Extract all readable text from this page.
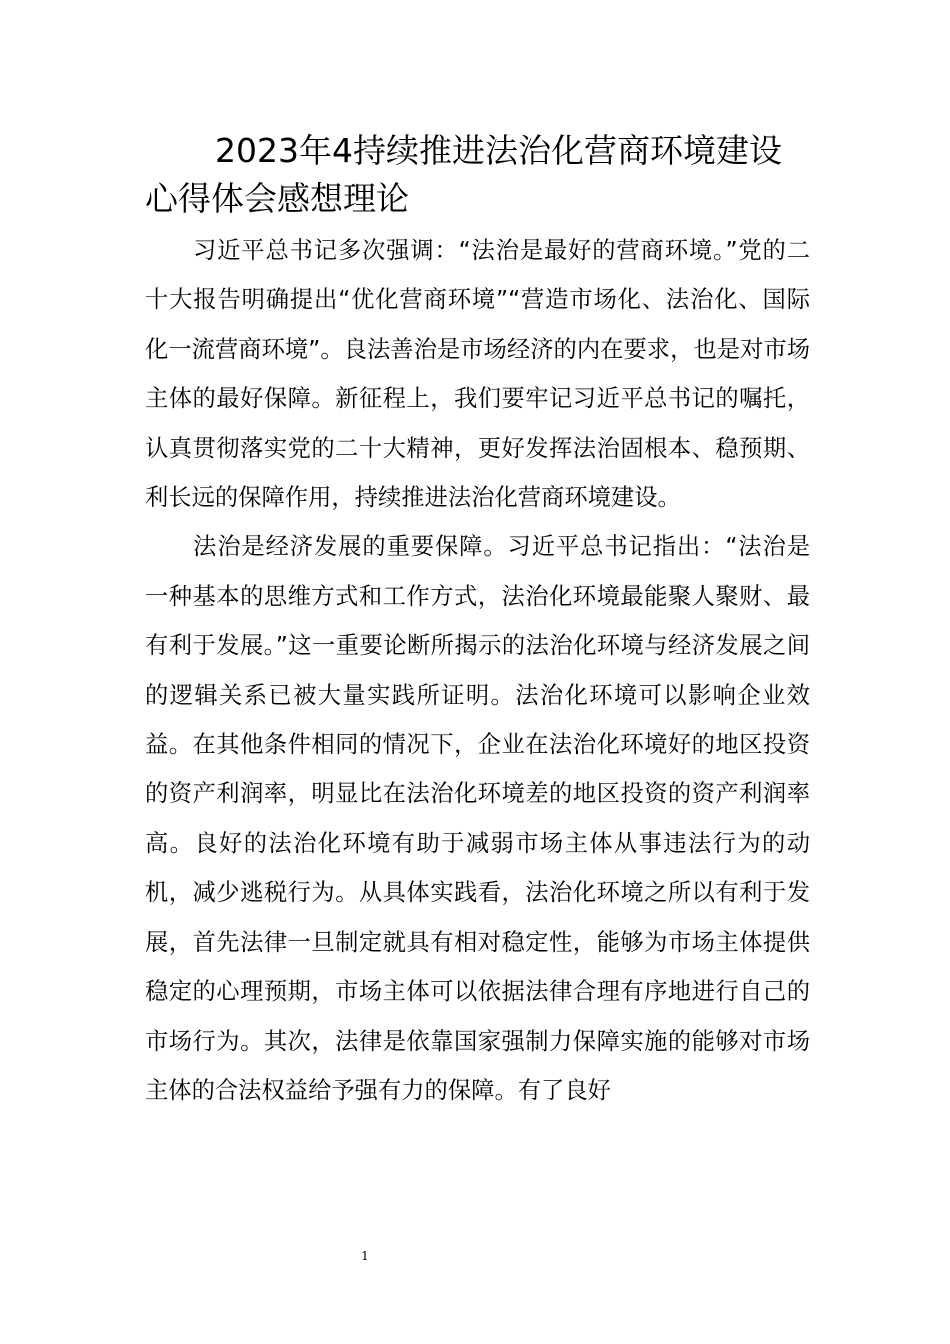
2023年4持续推进法治化营商环境建设心得体会感想理论

习近平总书记多次强调：“法治是最好的营商环境。”党的二十大报告明确提出“优化营商环境”“营造市场化、法治化、国际化一流营商环境”。良法善治是市场经济的内在要求，也是对市场主体的最好保障。新征程上，我们要牢记习近平总书记的嘱托，认真贯彻落实党的二十大精神，更好发挥法治固根本、稳预期、利长远的保障作用，持续推进法治化营商环境建设。

法治是经济发展的重要保障。习近平总书记指出：“法治是一种基本的思维方式和工作方式，法治化环境最能聚人聚财、最有利于发展。”这一重要论断所揭示的法治化环境与经济发展之间的逻辑关系已被大量实践所证明。法治化环境可以影响企业效益。在其他条件相同的情况下，企业在法治化环境好的地区投资的资产利润率，明显比在法治化环境差的地区投资的资产利润率高。良好的法治化环境有助于减弱市场主体从事违法行为的动机，减少逃税行为。从具体实践看，法治化环境之所以有利于发展，首先法律一旦制定就具有相对稳定性，能够为市场主体提供稳定的心理预期，市场主体可以依据法律合理有序地进行自己的市场行为。其次，法律是依靠国家强制力保障实施的能够对市场主体的合法权益给予强有力的保障。有了良好

1
